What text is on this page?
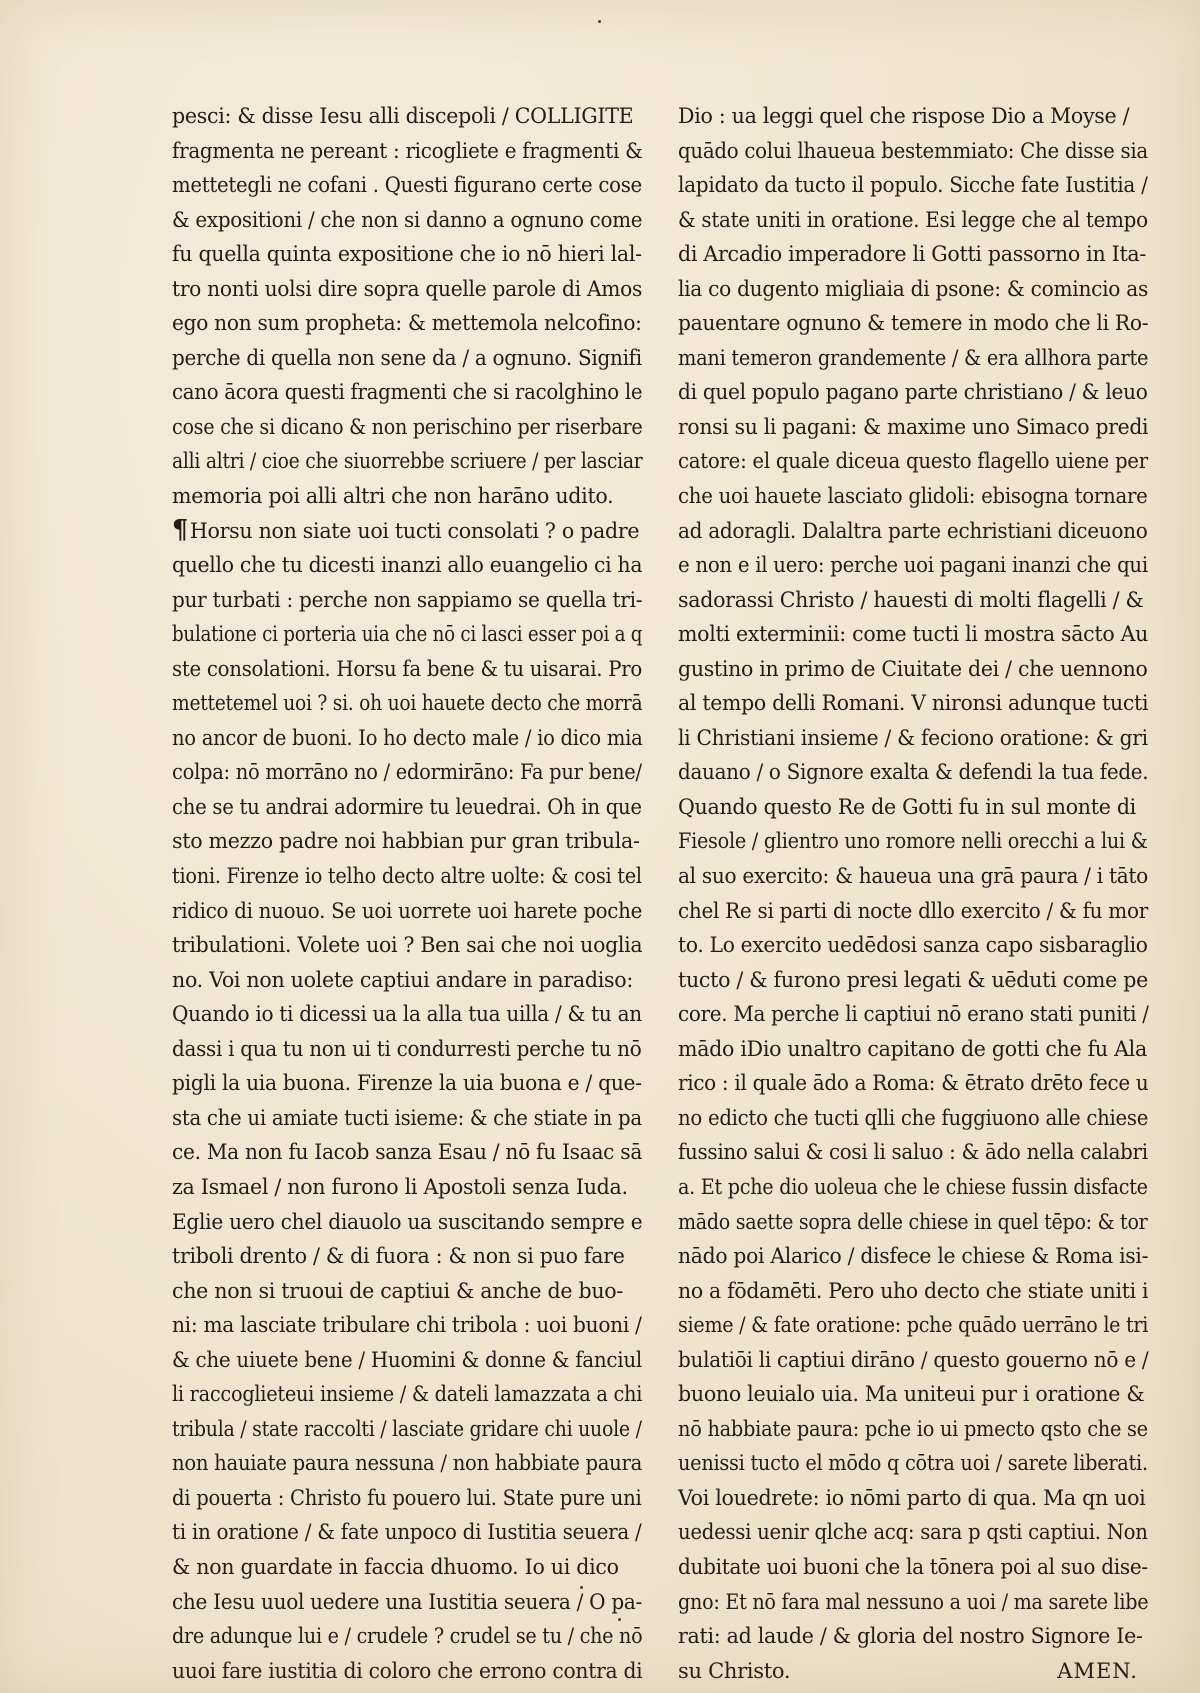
pesci: & disse Iesu alli discepoli / COLLIGITE
fragmenta ne pereant : ricogliete e fragmenti &
mettetegli ne cofani . Questi figurano certe cose
& expositioni / che non si danno a ognuno come
fu quella quinta expositione che io nō hieri lal-
tro nonti uolsi dire sopra quelle parole di Amos
ego non sum propheta: & mettemola nelcofino:
perche di quella non sene da / a ognuno. Signifi
cano ācora questi fragmenti che si racolghino le
cose che si dicano & non perischino per riserbare
alli altri / cioe che siuorrebbe scriuere / per lasciar
memoria poi alli altri che non harāno udito.
¶Horsu non siate uoi tucti consolati ? o padre
quello che tu dicesti inanzi allo euangelio ci ha
pur turbati : perche non sappiamo se quella tri-
bulatione ci porteria uia che nō ci lasci esser poi a q
ste consolationi. Horsu fa bene & tu uisarai. Pro
mettetemel uoi ? si. oh uoi hauete decto che morrā
no ancor de buoni. Io ho decto male / io dico mia
colpa: nō morrāno no / edormirāno: Fa pur bene/
che se tu andrai adormire tu leuedrai. Oh in que
sto mezzo padre noi habbian pur gran tribula-
tioni. Firenze io telho decto altre uolte: & cosi tel
ridico di nuouo. Se uoi uorrete uoi harete poche
tribulationi. Volete uoi ? Ben sai che noi uoglia
no. Voi non uolete captiui andare in paradiso:
Quando io ti dicessi ua la alla tua uilla / & tu an
dassi i qua tu non ui ti condurresti perche tu nō
pigli la uia buona. Firenze la uia buona e / que-
sta che ui amiate tucti isieme: & che stiate in pa
ce. Ma non fu Iacob sanza Esau / nō fu Isaac sā
za Ismael / non furono li Apostoli senza Iuda.
Eglie uero chel diauolo ua suscitando sempre e
triboli drento / & di fuora : & non si puo fare
che non si truoui de captiui & anche de buo-
ni: ma lasciate tribulare chi tribola : uoi buoni /
& che uiuete bene / Huomini & donne & fanciul
li raccoglieteui insieme / & dateli lamazzata a chi
tribula / state raccolti / lasciate gridare chi uuole /
non hauiate paura nessuna / non habbiate paura
di pouerta : Christo fu pouero lui. State pure uni
ti in oratione / & fate unpoco di Iustitia seuera /
& non guardate in faccia dhuomo. Io ui dico
che Iesu uuol uedere una Iustitia seuera / O pa-
dre adunque lui e / crudele ? crudel se tu / che nō
uuoi fare iustitia di coloro che errono contra di
Dio : ua leggi quel che rispose Dio a Moyse /
quādo colui lhaueua bestemmiato: Che disse sia
lapidato da tucto il populo. Sicche fate Iustitia /
& state uniti in oratione. Esi legge che al tempo
di Arcadio imperadore li Gotti passorno in Ita-
lia co dugento migliaia di psone: & comincio as
pauentare ognuno & temere in modo che li Ro-
mani temeron grandemente / & era allhora parte
di quel populo pagano parte christiano / & leuo
ronsi su li pagani: & maxime uno Simaco predi
catore: el quale diceua questo flagello uiene per
che uoi hauete lasciato glidoli: ebisogna tornare
ad adoragli. Dalaltra parte echristiani diceuono
e non e il uero: perche uoi pagani inanzi che qui
sadorassi Christo / hauesti di molti flagelli / &
molti exterminii: come tucti li mostra sācto Au
gustino in primo de Ciuitate dei / che uennono
al tempo delli Romani. V nironsi adunque tucti
li Christiani insieme / & feciono oratione: & gri
dauano / o Signore exalta & defendi la tua fede.
Quando questo Re de Gotti fu in sul monte di
Fiesole / glientro uno romore nelli orecchi a lui &
al suo exercito: & haueua una grā paura / i tāto
chel Re si parti di nocte dllo exercito / & fu mor
to. Lo exercito uedēdosi sanza capo sisbaraglio
tucto / & furono presi legati & uēduti come pe
core. Ma perche li captiui nō erano stati puniti /
mādo iDio unaltro capitano de gotti che fu Ala
rico : il quale ādo a Roma: & ētrato drēto fece u
no edicto che tucti qlli che fuggiuono alle chiese
fussino salui & cosi li saluo : & ādo nella calabri
a. Et pche dio uoleua che le chiese fussin disfacte
mādo saette sopra delle chiese in quel tēpo: & tor
nādo poi Alarico / disfece le chiese & Roma isi-
no a fōdamēti. Pero uho decto che stiate uniti i
sieme / & fate oratione: pche quādo uerrāno le tri
bulatiōi li captiui dirāno / questo gouerno nō e /
buono leuialo uia. Ma uniteui pur i oratione &
nō habbiate paura: pche io ui pmecto qsto che se
uenissi tucto el mōdo q cōtra uoi / sarete liberati.
Voi louedrete: io nōmi parto di qua. Ma qn uoi
uedessi uenir qlche acq: sara p qsti captiui. Non
dubitate uoi buoni che la tōnera poi al suo dise-
gno: Et nō fara mal nessuno a uoi / ma sarete libe
rati: ad laude / & gloria del nostro Signore Ie-
su Christo.	AMEN.
